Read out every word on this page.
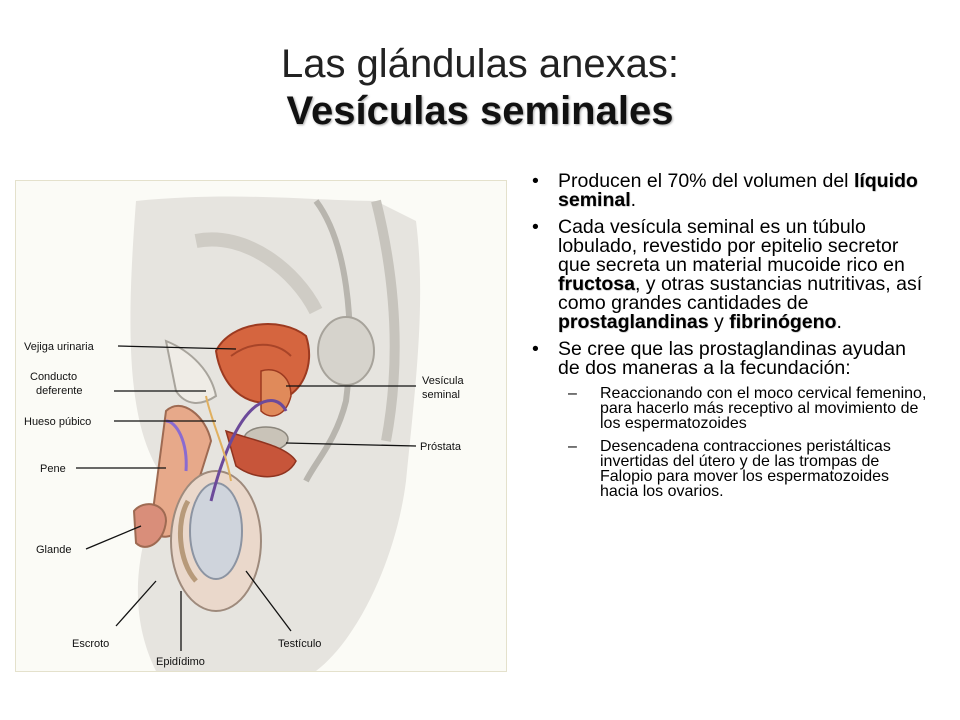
Las glándulas anexas:
Vesículas seminales
Vejiga urinaria
Conducto
deferente
Hueso púbico
Pene
Glande
Escroto
Epidídimo
Testículo
Vesícula
seminal
Próstata
• Producen el 70% del volumen del líquido seminal.
• Cada vesícula seminal es un túbulo lobulado, revestido por epitelio secretor que secreta un material mucoide rico en fructosa, y otras sustancias nutritivas, así como grandes cantidades de prostaglandinas y fibrinógeno.
• Se cree que las prostaglandinas ayudan de dos maneras a la fecundación:
– Reaccionando con el moco cervical femenino, para hacerlo más receptivo al movimiento de los espermatozoides
– Desencadena contracciones peristálticas invertidas del útero y de las trompas de Falopio para mover los espermatozoides hacia los ovarios.
